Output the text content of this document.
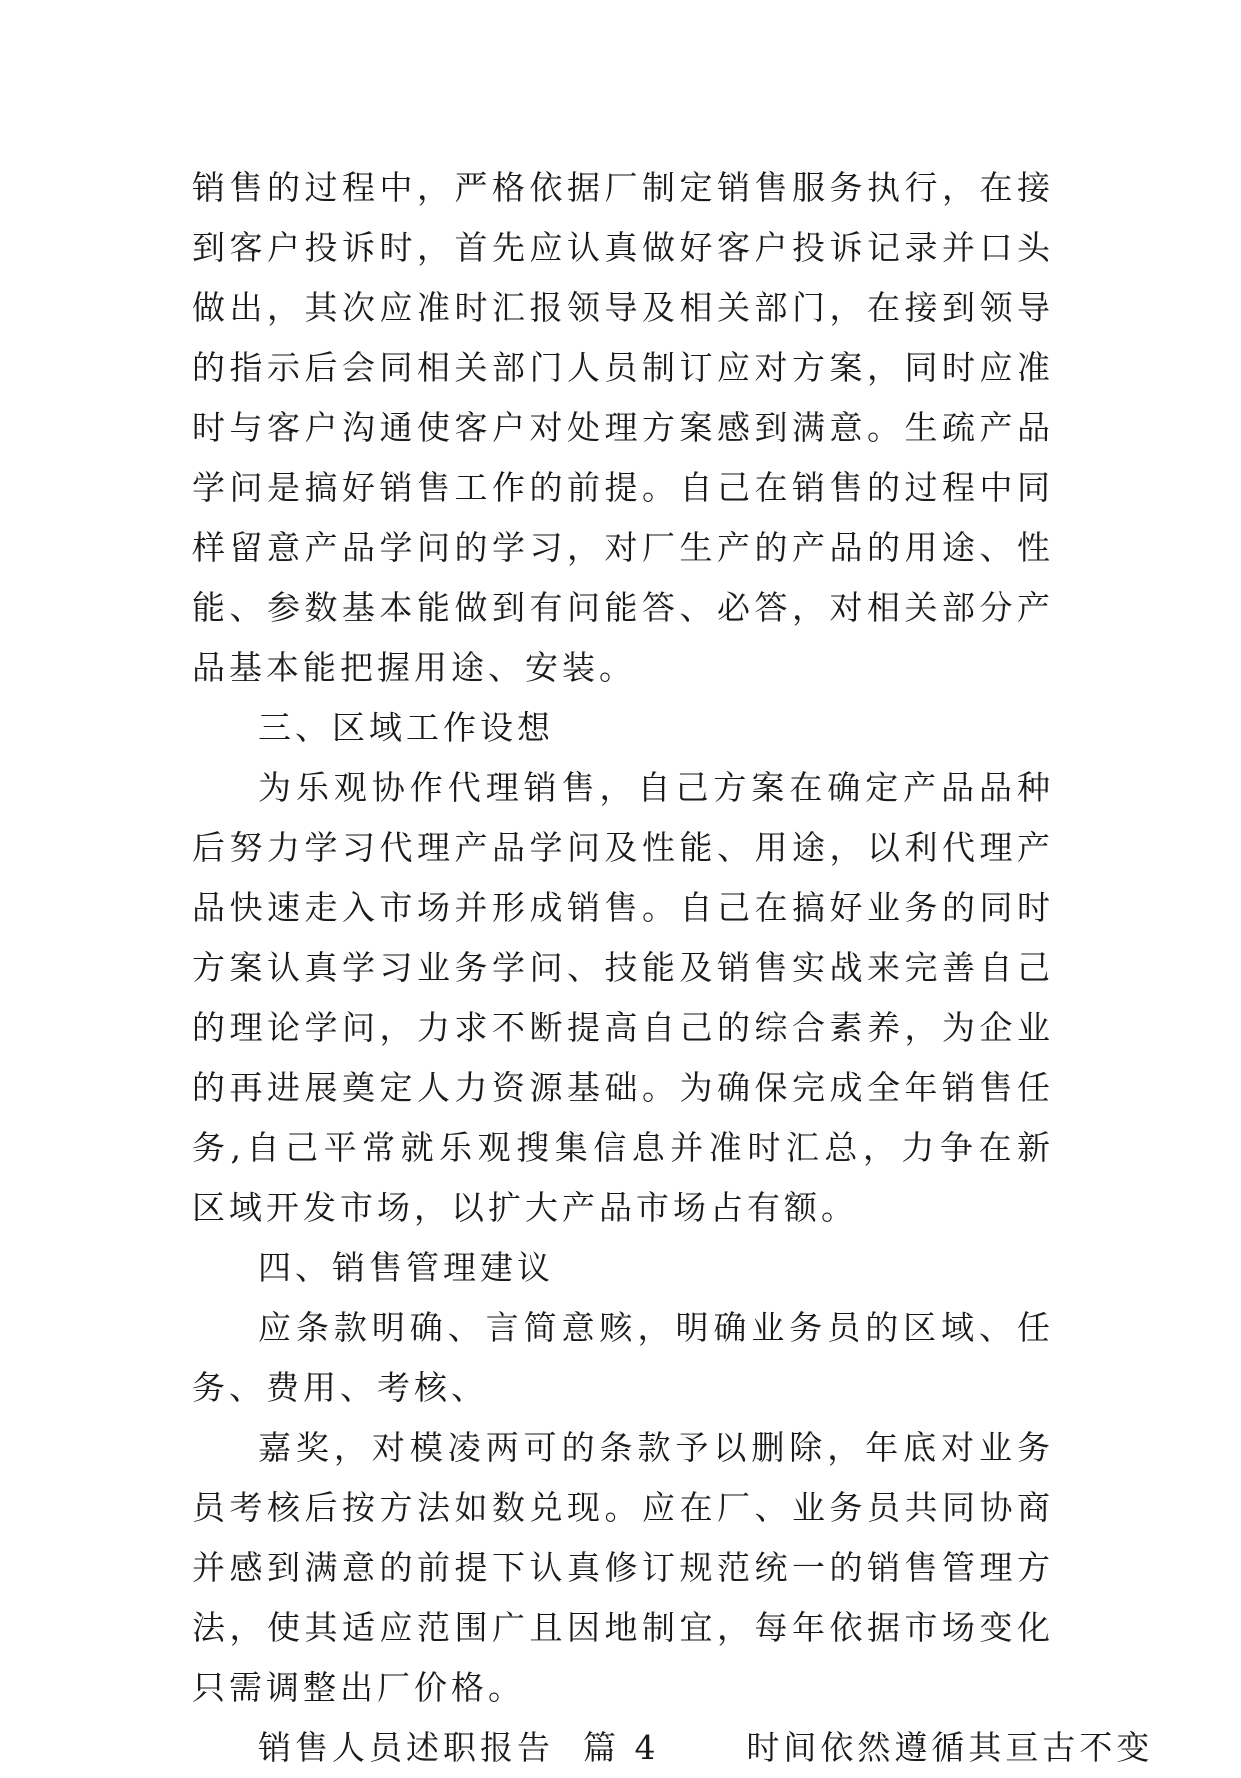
销售的过程中，严格依据厂制定销售服务执行，在接到客户投诉时，首先应认真做好客户投诉记录并口头做出，其次应准时汇报领导及相关部门，在接到领导的指示后会同相关部门人员制订应对方案，同时应准时与客户沟通使客户对处理方案感到满意。生疏产品学问是搞好销售工作的前提。自己在销售的过程中同样留意产品学问的学习，对厂生产的产品的用途、性能、参数基本能做到有问能答、必答，对相关部分产品基本能把握用途、安装。

三、区域工作设想

为乐观协作代理销售，自己方案在确定产品品种后努力学习代理产品学问及性能、用途，以利代理产品快速走入市场并形成销售。自己在搞好业务的同时方案认真学习业务学问、技能及销售实战来完善自己的理论学问，力求不断提高自己的综合素养，为企业的再进展奠定人力资源基础。为确保完成全年销售任务,自己平常就乐观搜集信息并准时汇总，力争在新区域开发市场，以扩大产品市场占有额。

四、销售管理建议

应条款明确、言简意赅，明确业务员的区域、任务、费用、考核、

嘉奖，对模凌两可的条款予以删除，年底对业务员考核后按方法如数兑现。应在厂、业务员共同协商并感到满意的前提下认真修订规范统一的销售管理方法，使其适应范围广且因地制宜，每年依据市场变化只需调整出厂价格。

销售人员述职报告  篇 4      时间依然遵循其亘古不变
